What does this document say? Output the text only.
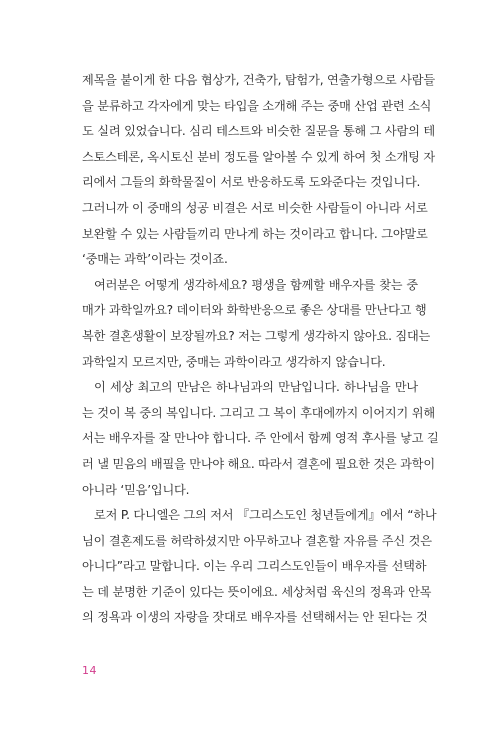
제목을 붙이게 한 다음 협상가, 건축가, 탐험가, 연출가형으로 사람들
을 분류하고 각자에게 맞는 타입을 소개해 주는 중매 산업 관련 소식
도 실려 있었습니다. 심리 테스트와 비슷한 질문을 통해 그 사람의 테
스토스테론, 옥시토신 분비 정도를 알아볼 수 있게 하여 첫 소개팅 자
리에서 그들의 화학물질이 서로 반응하도록 도와준다는 것입니다.
그러니까 이 중매의 성공 비결은 서로 비슷한 사람들이 아니라 서로
보완할 수 있는 사람들끼리 만나게 하는 것이라고 합니다. 그야말로
‘중매는 과학’이라는 것이죠.
여러분은 어떻게 생각하세요? 평생을 함께할 배우자를 찾는 중
매가 과학일까요? 데이터와 화학반응으로 좋은 상대를 만난다고 행
복한 결혼생활이 보장될까요? 저는 그렇게 생각하지 않아요. 짐대는
과학일지 모르지만, 중매는 과학이라고 생각하지 않습니다.
이 세상 최고의 만남은 하나님과의 만남입니다. 하나님을 만나
는 것이 복 중의 복입니다. 그리고 그 복이 후대에까지 이어지기 위해
서는 배우자를 잘 만나야 합니다. 주 안에서 함께 영적 후사를 낳고 길
러 낼 믿음의 배필을 만나야 해요. 따라서 결혼에 필요한 것은 과학이
아니라 ‘믿음’입니다.
로저 P. 다니엘은 그의 저서 『그리스도인 청년들에게』에서 “하나
님이 결혼제도를 허락하셨지만 아무하고나 결혼할 자유를 주신 것은
아니다”라고 말합니다. 이는 우리 그리스도인들이 배우자를 선택하
는 데 분명한 기준이 있다는 뜻이에요. 세상처럼 육신의 정욕과 안목
의 정욕과 이생의 자랑을 잣대로 배우자를 선택해서는 안 된다는 것
14
